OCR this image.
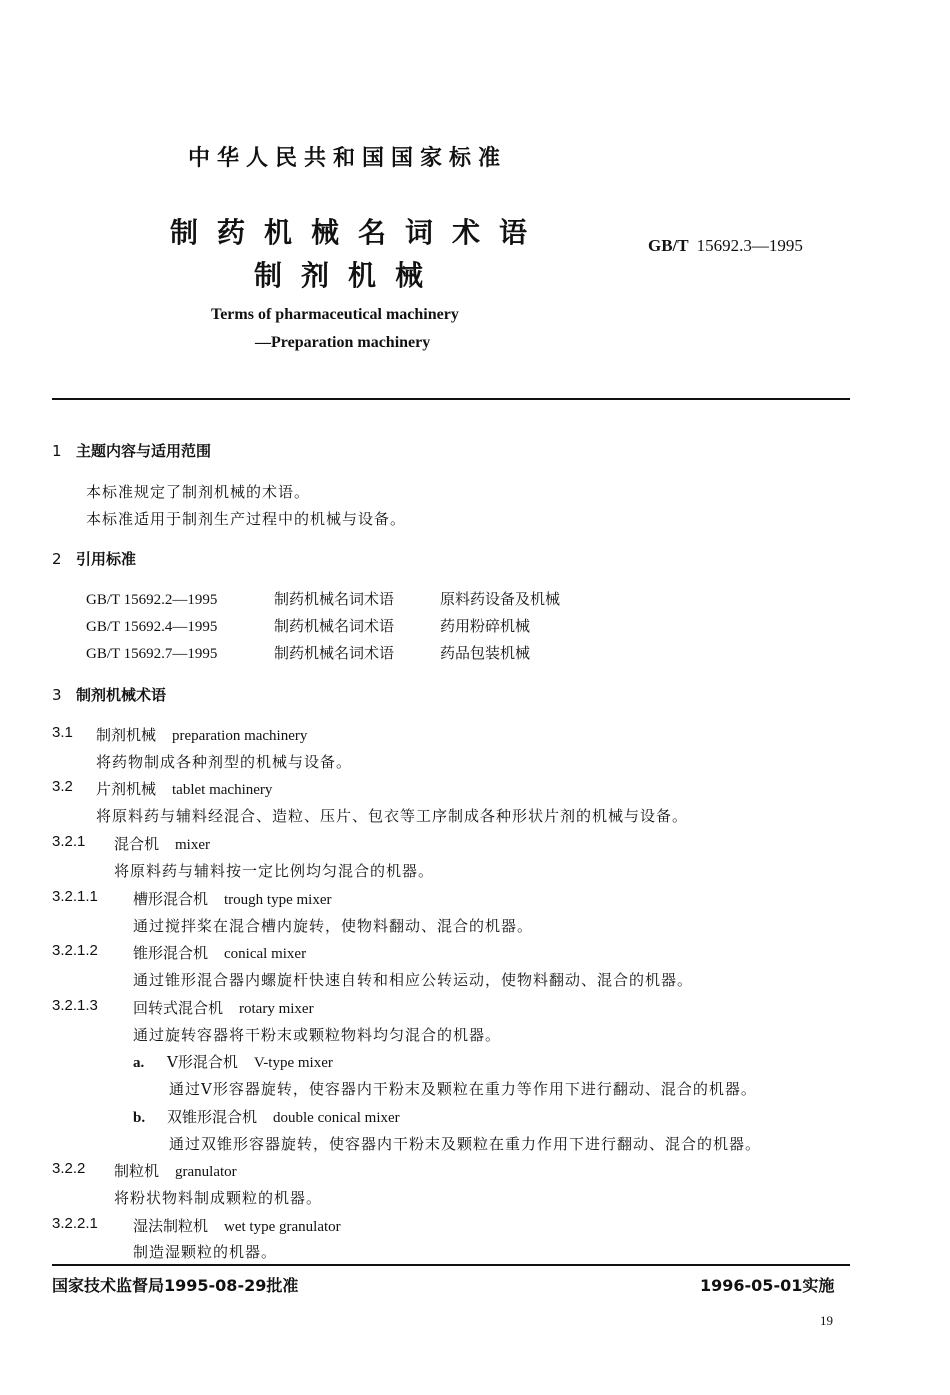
中华人民共和国国家标准
制药机械名词术语
制剂机械
GB/T 15692.3—1995
Terms of pharmaceutical machinery
—Preparation machinery
1 主题内容与适用范围
本标准规定了制剂机械的术语。
本标准适用于制剂生产过程中的机械与设备。
2 引用标准
GB/T 15692.2—1995	制药机械名词术语	原料药设备及机械
GB/T 15692.4—1995	制药机械名词术语	药用粉碎机械
GB/T 15692.7—1995	制药机械名词术语	药品包装机械
3 制剂机械术语
3.1 制剂机械 preparation machinery
将药物制成各种剂型的机械与设备。
3.2 片剂机械 tablet machinery
将原料药与辅料经混合、造粒、压片、包衣等工序制成各种形状片剂的机械与设备。
3.2.1 混合机 mixer
将原料药与辅料按一定比例均匀混合的机器。
3.2.1.1 槽形混合机 trough type mixer
通过搅拌桨在混合槽内旋转，使物料翻动、混合的机器。
3.2.1.2 锥形混合机 conical mixer
通过锥形混合器内螺旋杆快速自转和相应公转运动，使物料翻动、混合的机器。
3.2.1.3 回转式混合机 rotary mixer
通过旋转容器将干粉末或颗粒物料均匀混合的机器。
a. V形混合机 V-type mixer
通过V形容器旋转，使容器内干粉末及颗粒在重力等作用下进行翻动、混合的机器。
b. 双锥形混合机 double conical mixer
通过双锥形容器旋转，使容器内干粉末及颗粒在重力作用下进行翻动、混合的机器。
3.2.2 制粒机 granulator
将粉状物料制成颗粒的机器。
3.2.2.1 湿法制粒机 wet type granulator
制造湿颗粒的机器。
国家技术监督局1995-08-29批准	1996-05-01实施
19
